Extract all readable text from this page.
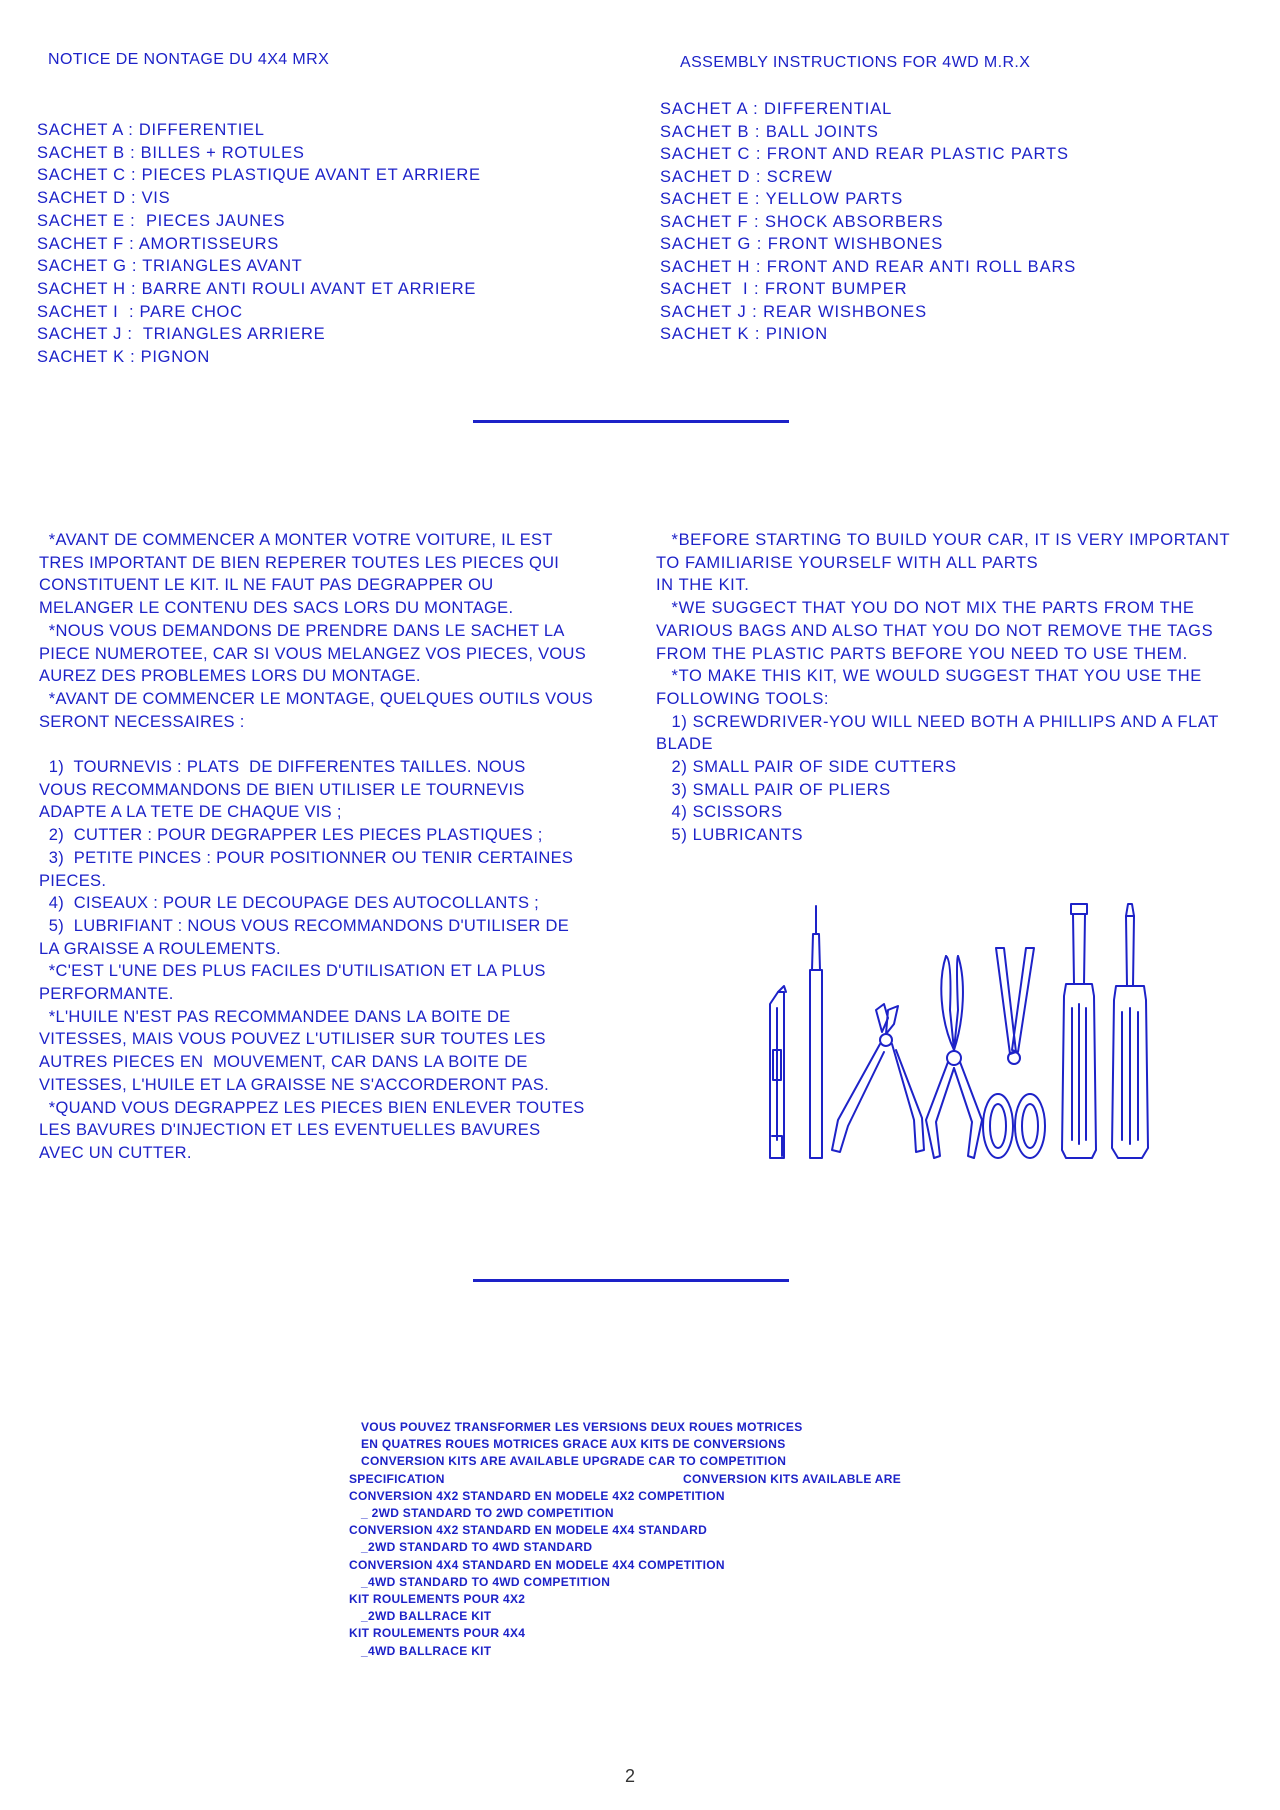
NOTICE DE NONTAGE DU 4X4 MRX	ASSEMBLY INSTRUCTIONS FOR 4WD M.R.X
SACHET A : DIFFERENTIEL
SACHET B : BILLES + ROTULES
SACHET C : PIECES PLASTIQUE AVANT ET ARRIERE
SACHET D : VIS
SACHET E :  PIECES JAUNES
SACHET F : AMORTISSEURS
SACHET G : TRIANGLES AVANT
SACHET H : BARRE ANTI ROULI AVANT ET ARRIERE
SACHET I  : PARE CHOC
SACHET J :  TRIANGLES ARRIERE
SACHET K : PIGNON
SACHET A : DIFFERENTIAL
SACHET B : BALL JOINTS
SACHET C : FRONT AND REAR PLASTIC PARTS
SACHET D : SCREW
SACHET E : YELLOW PARTS
SACHET F : SHOCK ABSORBERS
SACHET G : FRONT WISHBONES
SACHET H : FRONT AND REAR ANTI ROLL BARS
SACHET  I : FRONT BUMPER
SACHET J : REAR WISHBONES
SACHET K : PINION
*AVANT DE COMMENCER A MONTER VOTRE VOITURE, IL EST
TRES IMPORTANT DE BIEN REPERER TOUTES LES PIECES QUI
CONSTITUENT LE KIT. IL NE FAUT PAS DEGRAPPER OU
MELANGER LE CONTENU DES SACS LORS DU MONTAGE.
*NOUS VOUS DEMANDONS DE PRENDRE DANS LE SACHET LA
PIECE NUMEROTEE, CAR SI VOUS MELANGEZ VOS PIECES, VOUS
AUREZ DES PROBLEMES LORS DU MONTAGE.
*AVANT DE COMMENCER LE MONTAGE, QUELQUES OUTILS VOUS
SERONT NECESSAIRES :

1)  TOURNEVIS : PLATS  DE DIFFERENTES TAILLES. NOUS
VOUS RECOMMANDONS DE BIEN UTILISER LE TOURNEVIS
ADAPTE A LA TETE DE CHAQUE VIS ;
2)  CUTTER : POUR DEGRAPPER LES PIECES PLASTIQUES ;
3)  PETITE PINCES : POUR POSITIONNER OU TENIR CERTAINES
PIECES.
4)  CISEAUX : POUR LE DECOUPAGE DES AUTOCOLLANTS ;
5)  LUBRIFIANT : NOUS VOUS RECOMMANDONS D'UTILISER DE
LA GRAISSE A ROULEMENTS.
*C'EST L'UNE DES PLUS FACILES D'UTILISATION ET LA PLUS
PERFORMANTE.
*L'HUILE N'EST PAS RECOMMANDEE DANS LA BOITE DE
VITESSES, MAIS VOUS POUVEZ L'UTILISER SUR TOUTES LES
AUTRES PIECES EN  MOUVEMENT, CAR DANS LA BOITE DE
VITESSES, L'HUILE ET LA GRAISSE NE S'ACCORDERONT PAS.
*QUAND VOUS DEGRAPPEZ LES PIECES BIEN ENLEVER TOUTES
LES BAVURES D'INJECTION ET LES EVENTUELLES BAVURES
AVEC UN CUTTER.
*BEFORE STARTING TO BUILD YOUR CAR, IT IS VERY IMPORTANT
TO FAMILIARISE YOURSELF WITH ALL PARTS
IN THE KIT.
*WE SUGGECT THAT YOU DO NOT MIX THE PARTS FROM THE
VARIOUS BAGS AND ALSO THAT YOU DO NOT REMOVE THE TAGS
FROM THE PLASTIC PARTS BEFORE YOU NEED TO USE THEM.
*TO MAKE THIS KIT, WE WOULD SUGGEST THAT YOU USE THE
FOLLOWING TOOLS:
1) SCREWDRIVER-YOU WILL NEED BOTH A PHILLIPS AND A FLAT
BLADE
2) SMALL PAIR OF SIDE CUTTERS
3) SMALL PAIR OF PLIERS
4) SCISSORS
5) LUBRICANTS
VOUS POUVEZ TRANSFORMER LES VERSIONS DEUX ROUES MOTRICES
EN QUATRES ROUES MOTRICES GRACE AUX KITS DE CONVERSIONS
CONVERSION KITS ARE AVAILABLE UPGRADE CAR TO COMPETITION
SPECIFICATION	CONVERSION KITS AVAILABLE ARE
CONVERSION 4X2 STANDARD EN MODELE 4X2 COMPETITION
_ 2WD STANDARD TO 2WD COMPETITION
CONVERSION 4X2 STANDARD EN MODELE 4X4 STANDARD
_2WD STANDARD TO 4WD STANDARD
CONVERSION 4X4 STANDARD EN MODELE 4X4 COMPETITION
_4WD STANDARD TO 4WD COMPETITION
KIT ROULEMENTS POUR 4X2
_2WD BALLRACE KIT
KIT ROULEMENTS POUR 4X4
_4WD BALLRACE KIT
2
